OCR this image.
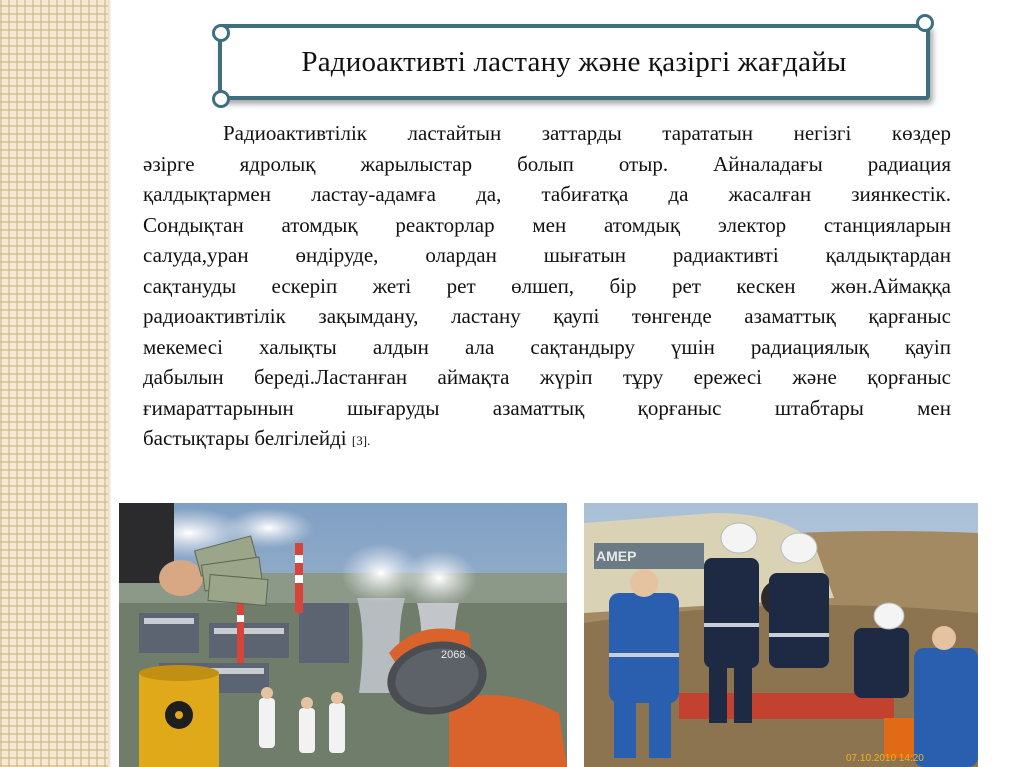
Радиоактивті ластану және қазіргі жағдайы
Радиоактивтілік ластайтын заттарды тарататын негізгі көздер
әзірге ядролық жарылыстар болып отыр. Айналадағы радиация
қалдықтармен ластау-адамға да, табиғатқа да жасалған зиянкестік.
Сондықтан атомдық реакторлар мен атомдық электор станцияларын
салуда,уран өндіруде, олардан шығатын радиактивті қалдықтардан
сақтануды ескеріп жеті рет өлшеп, бір рет кескен жөн.Аймаққа
радиоактивтілік зақымдану, ластану қаупі төнгенде азаматтық қарғаныс
мекемесі халықты алдын ала сақтандыру үшін радиациялық қауіп
дабылын береді.Ластанған аймақта жүріп тұру ережесі және қорғаныс
ғимараттарынын шығаруды азаматтық қорғаныс штабтары мен
бастықтары белгілейді [3].
2068
АМЕР
07.10.2010 14:20
